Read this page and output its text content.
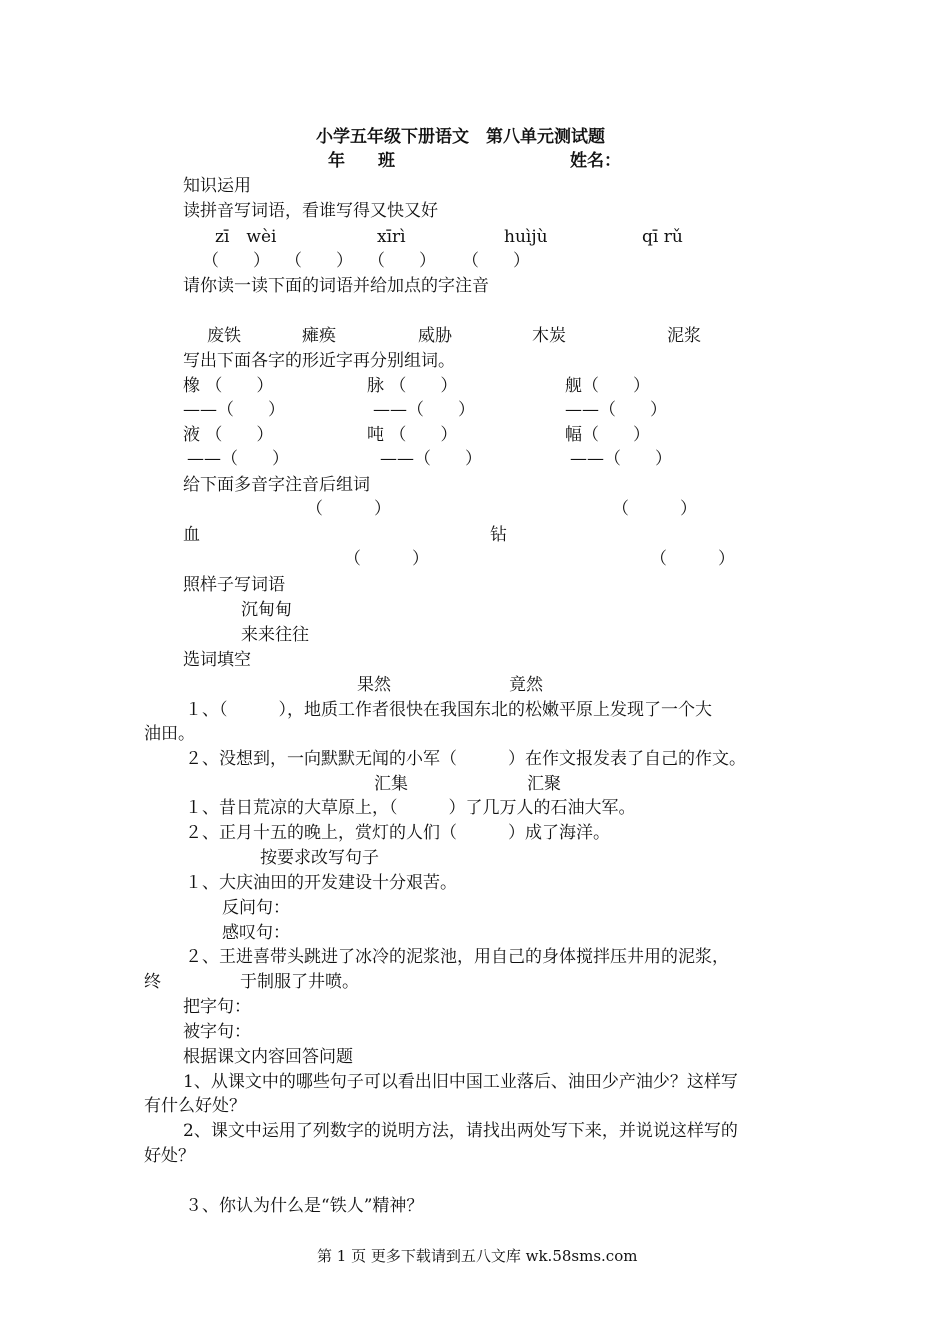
小学五年级下册语文　第八单元测试题
年 班	姓名：
知识运用
读拼音写词语，看谁写得又快又好
zī　wèi	xīrì	huìjù	qī rǔ
（　　） （　　） （　　） （　　）
请你读一读下面的词语并给加点的字注音
废铁	瘫痪	威胁	木炭	泥浆
写出下面各字的形近字再分别组词。
橡 （　　）	脉 （　　）	舰（　　）
——（　　）	——（　　）	——（　　）
液 （　　）	吨 （　　）	幅（　　）
——（　　）	——（　　）	——（　　）
给下面多音字注音后组词
（　　　）	（　　　）
血	钻
（　　　）	（　　　）
照样子写词语
沉甸甸
来来往往
选词填空
果然	竟然
１、（　　　），地质工作者很快在我国东北的松嫩平原上发现了一个大
油田。
２、没想到，一向默默无闻的小军（　　　）在作文报发表了自己的作文。
汇集	汇聚
１、昔日荒凉的大草原上，（　　　）了几万人的石油大军。
２、正月十五的晚上，赏灯的人们（　　　）成了海洋。
按要求改写句子
１、大庆油田的开发建设十分艰苦。
反问句：
感叹句：
２、王进喜带头跳进了冰冷的泥浆池，用自己的身体搅拌压井用的泥浆，
终	于制服了井喷。
把字句：
被字句：
根据课文内容回答问题
1、从课文中的哪些句子可以看出旧中国工业落后、油田少产油少？这样写
有什么好处？
2、课文中运用了列数字的说明方法，请找出两处写下来，并说说这样写的
好处？
３、你认为什么是“铁人”精神？
第 1 页 更多下载请到五八文库 wk.58sms.com
